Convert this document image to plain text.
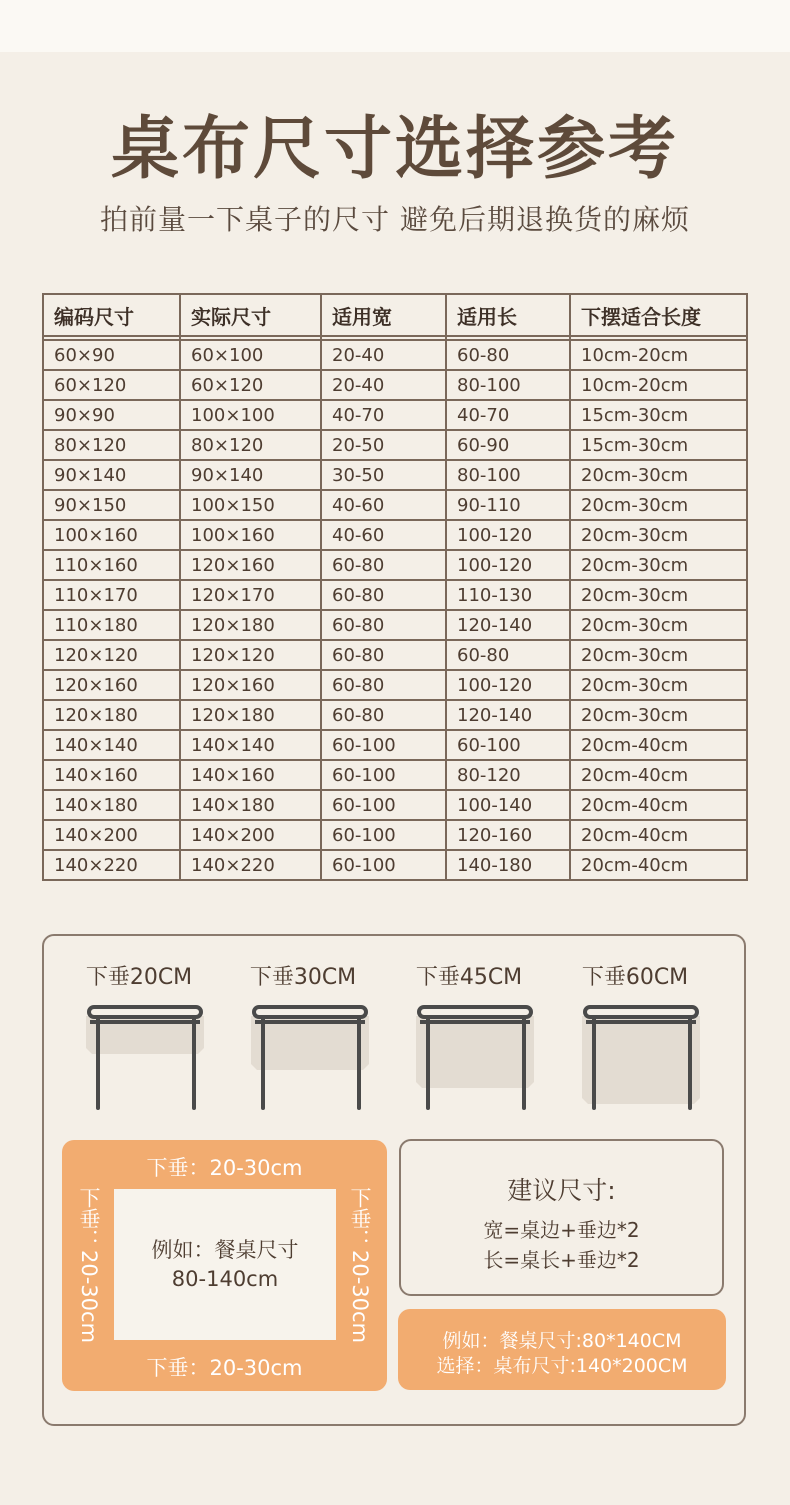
桌布尺寸选择参考
拍前量一下桌子的尺寸 避免后期退换货的麻烦
编码尺寸	实际尺寸	适用宽	适用长	下摆适合长度

60×90	60×100	20-40	60-80	10cm-20cm
60×120	60×120	20-40	80-100	10cm-20cm
90×90	100×100	40-70	40-70	15cm-30cm
80×120	80×120	20-50	60-90	15cm-30cm
90×140	90×140	30-50	80-100	20cm-30cm
90×150	100×150	40-60	90-110	20cm-30cm
100×160	100×160	40-60	100-120	20cm-30cm
110×160	120×160	60-80	100-120	20cm-30cm
110×170	120×170	60-80	110-130	20cm-30cm
110×180	120×180	60-80	120-140	20cm-30cm
120×120	120×120	60-80	60-80	20cm-30cm
120×160	120×160	60-80	100-120	20cm-30cm
120×180	120×180	60-80	120-140	20cm-30cm
140×140	140×140	60-100	60-100	20cm-40cm
140×160	140×160	60-100	80-120	20cm-40cm
140×180	140×180	60-100	100-140	20cm-40cm
140×200	140×200	60-100	120-160	20cm-40cm
140×220	140×220	60-100	140-180	20cm-40cm
下垂20CM	下垂30CM	下垂45CM	下垂60CM
下垂：20-30cm
下垂：20-30cm
下垂：20-30cm	下垂：20-30cm
例如：餐桌尺寸
80-140cm
建议尺寸:
宽=桌边+垂边*2
长=桌长+垂边*2
例如：餐桌尺寸:80*140CM
选择：桌布尺寸:140*200CM
